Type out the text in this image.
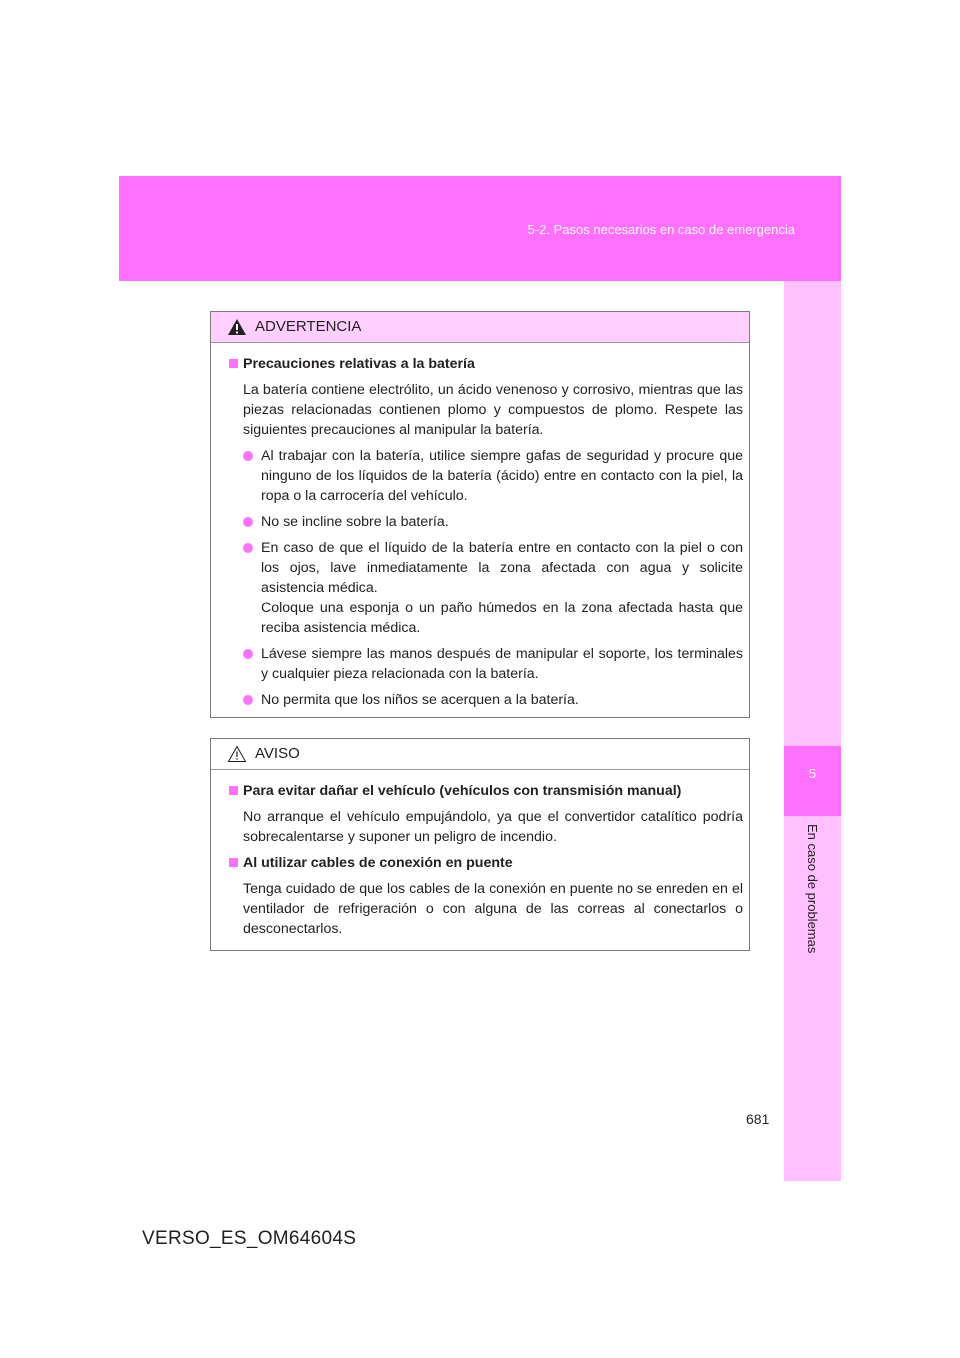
5-2. Pasos necesarios en caso de emergencia
5
En caso de problemas
ADVERTENCIA
Precauciones relativas a la batería
La batería contiene electrólito, un ácido venenoso y corrosivo, mientras que las piezas relacionadas contienen plomo y compuestos de plomo. Respete las siguientes precauciones al manipular la batería.

Al trabajar con la batería, utilice siempre gafas de seguridad y procure que ninguno de los líquidos de la batería (ácido) entre en contacto con la piel, la ropa o la carrocería del vehículo.

No se incline sobre la batería.

En caso de que el líquido de la batería entre en contacto con la piel o con los ojos, lave inmediatamente la zona afectada con agua y solicite asistencia médica.

Coloque una esponja o un paño húmedos en la zona afectada hasta que reciba asistencia médica.

Lávese siempre las manos después de manipular el soporte, los terminales y cualquier pieza relacionada con la batería.

No permita que los niños se acerquen a la batería.

AVISO
Para evitar dañar el vehículo (vehículos con transmisión manual)
No arranque el vehículo empujándolo, ya que el convertidor catalítico podría sobrecalentarse y suponer un peligro de incendio.
Al utilizar cables de conexión en puente
Tenga cuidado de que los cables de la conexión en puente no se enreden en el ventilador de refrigeración o con alguna de las correas al conectarlos o desconectarlos.
681
VERSO_ES_OM64604S
